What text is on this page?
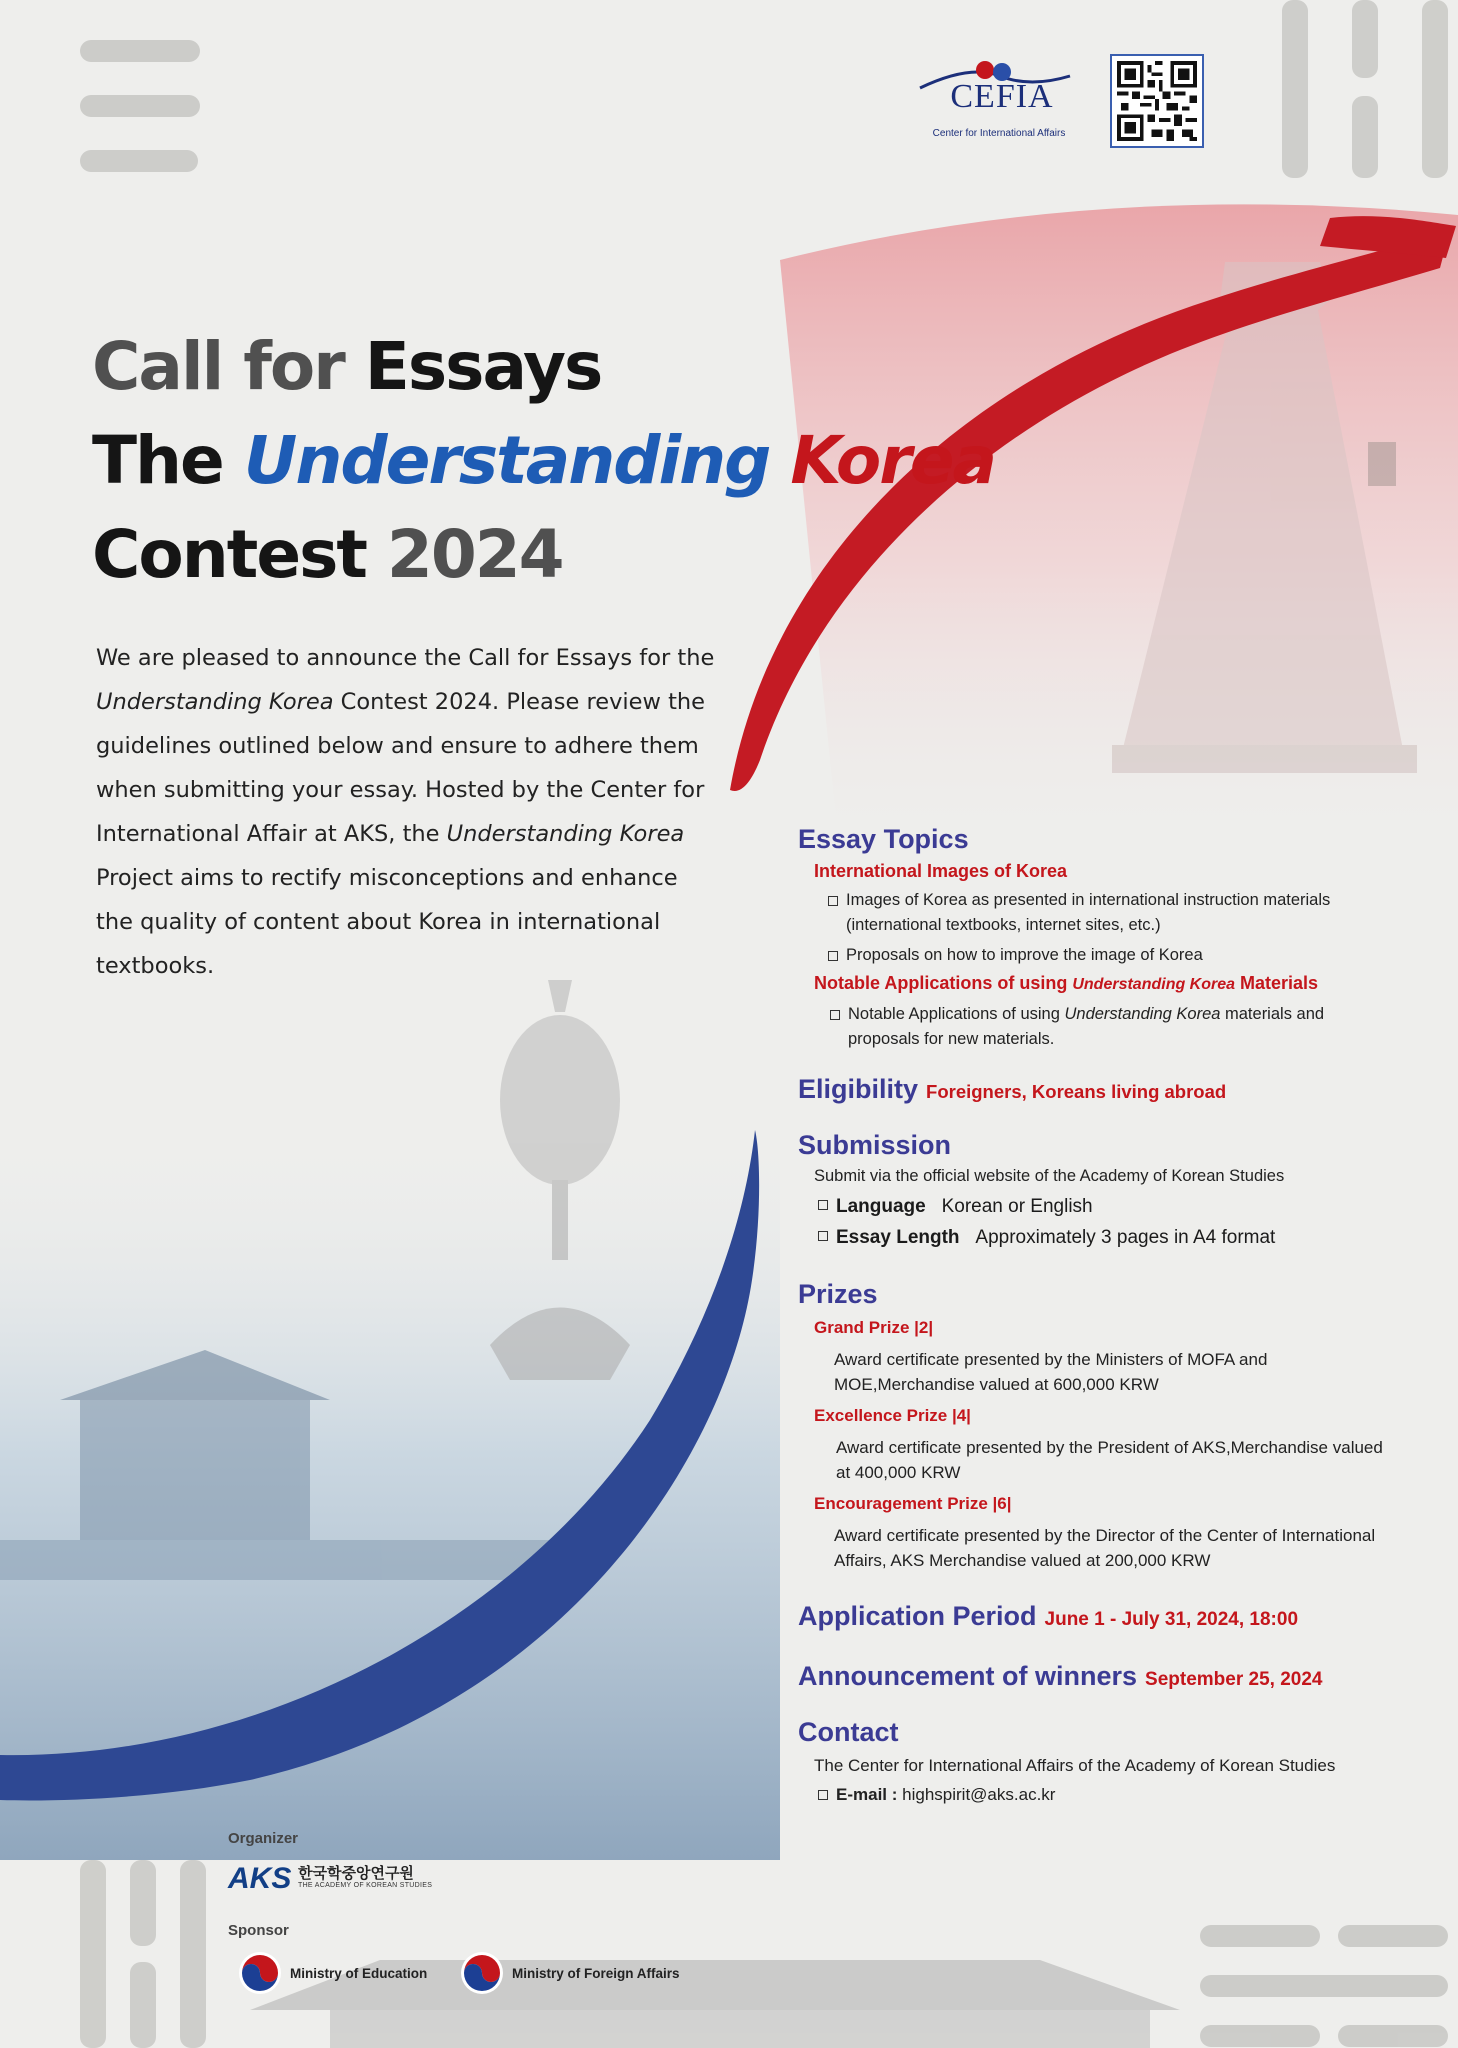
CEFIA
Center for International Affairs
Call for Essays
The Understanding Korea
Contest 2024
We are pleased to announce the Call for Essays for the
Understanding Korea Contest 2024. Please review the
guidelines outlined below and ensure to adhere them
when submitting your essay. Hosted by the Center for
International Affair at AKS, the Understanding Korea
Project aims to rectify misconceptions and enhance
the quality of content about Korea in international
textbooks.
Essay Topics
International Images of Korea
Images of Korea as presented in international instruction materials (international textbooks, internet sites, etc.)
Proposals on how to improve the image of Korea
Notable Applications of using Understanding Korea Materials
Notable Applications of using Understanding Korea materials and proposals for new materials.
Eligibility Foreigners, Koreans living abroad
Submission
Submit via the official website of the Academy of Korean Studies
Language Korean or English
Essay Length Approximately 3 pages in A4 format
Prizes
Grand Prize |2|
Award certificate presented by the Ministers of MOFA and MOE,Merchandise valued at 600,000 KRW
Excellence Prize |4|
Award certificate presented by the President of AKS,Merchandise valued at 400,000 KRW
Encouragement Prize |6|
Award certificate presented by the Director of the Center of International Affairs, AKS Merchandise valued at 200,000 KRW
Application Period June 1 - July 31, 2024, 18:00
Announcement of winners September 25, 2024
Contact
The Center for International Affairs of the Academy of Korean Studies
E-mail : highspirit@aks.ac.kr
Organizer
AKS 한국학중앙연구원
THE ACADEMY OF KOREAN STUDIES
Sponsor
Ministry of Education	Ministry of Foreign Affairs
